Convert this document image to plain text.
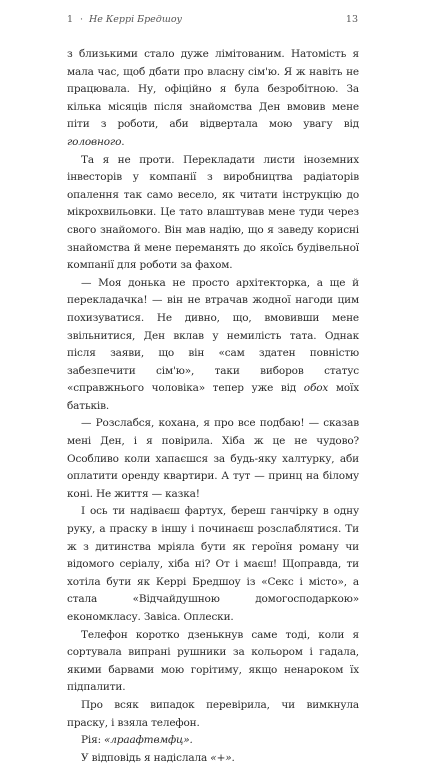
1 · Не Керрі Бредшоу	13

з близькими стало дуже лімітованим. Натомість я мала час, щоб дбати про власну сім'ю. Я ж навіть не працювала. Ну, офіційно я була безробітною. За кілька місяців після знайомства Ден вмовив мене піти з роботи, аби відвертала мою увагу від головного.

Та я не проти. Перекладати листи іноземних інвесторів у компанії з виробництва радіаторів опалення так само весело, як читати інструкцію до мікрохвильовки. Це тато влаштував мене туди через свого знайомого. Він мав надію, що я заведу корисні знайомства й мене переманять до якоїсь будівельної компанії для роботи за фахом.

— Моя донька не просто архітекторка, а ще й перекладачка! — він не втрачав жодної нагоди цим похизуватися. Не дивно, що, вмовивши мене звільнитися, Ден вклав у немилість тата. Однак після заяви, що він «сам здатен повністю забезпечити сім'ю», таки виборов статус «справжнього чоловіка» тепер уже від обох моїх батьків.

— Розслабся, кохана, я про все подбаю! — сказав мені Ден, і я повірила. Хіба ж це не чудово? Особливо коли хапаєшся за будь-яку халтурку, аби оплатити оренду квартири. А тут — принц на білому коні. Не життя — казка!

І ось ти надіваєш фартух, береш ганчірку в одну руку, а праску в іншу і починаєш розслаблятися. Ти ж з дитинства мріяла бути як героїня роману чи відомого серіалу, хіба ні? От і маєш! Щоправда, ти хотіла бути як Керрі Бредшоу із «Секс і місто», а стала «Відчайдушною домогосподаркою» економкласу. Завіса. Оплески.

Телефон коротко дзенькнув саме тоді, коли я сортувала випрані рушники за кольором і гадала, якими барвами мою горітиму, якщо ненароком їх підпалити.

Про всяк випадок перевірила, чи вимкнула праску, і взяла телефон.

Рія: «лраафтвмфц».

У відповідь я надіслала «+».
